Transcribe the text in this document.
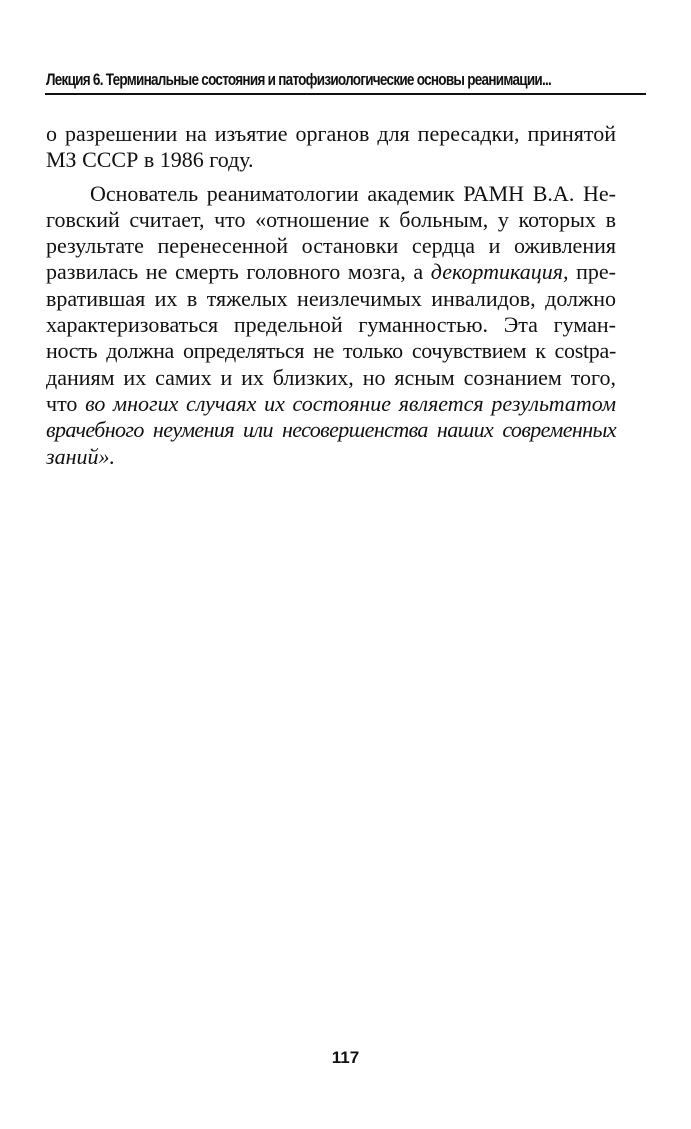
Лекция 6. Терминальные состояния и патофизиологические основы реанимации...
о разрешении на изъятие органов для пересадки, принятой
МЗ СССР в 1986 году.
Основатель реаниматологии академик РАМН В.А. Не-
говский считает, что «отношение к больным, у которых в
результате перенесенной остановки сердца и оживления
развилась не смерть головного мозга, а декортикация, пре-
вратившая их в тяжелых неизлечимых инвалидов, должно
характеризоваться предельной гуманностью. Эта гуман-
ность должна определяться не только сочувствием к сostра-
даниям их самих и их близких, но ясным сознанием того,
что во многих случаях их состояние является результатом
врачебного неумения или несовершенства наших современных
заний».
117
